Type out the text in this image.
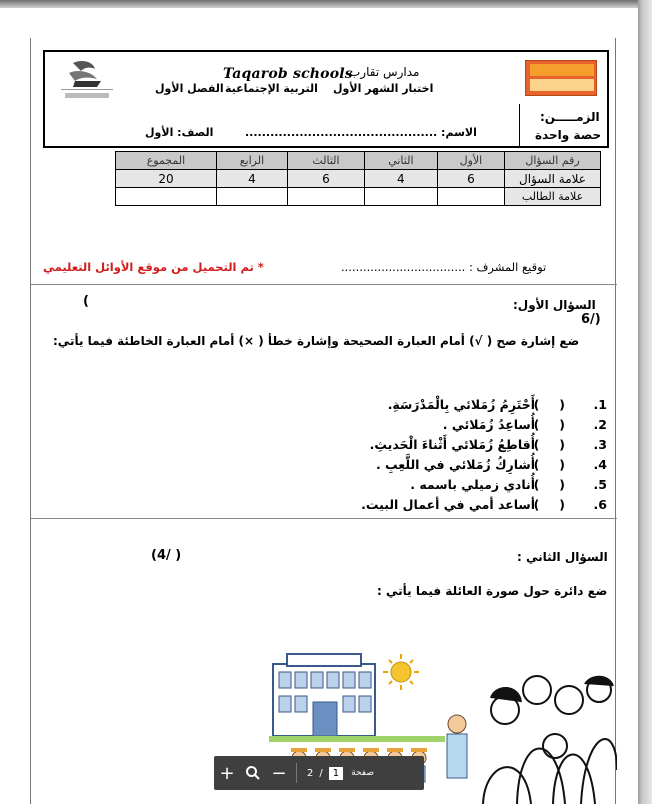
Taqarob schools
مدارس تقارب
اختبار الشهر الأول
التربية الإجتماعية
الفصل الأول
الزمـــــن:
حصة واحدة
الاسم: ..............................................
الصف: الأول
رقم السؤال	الأول	الثاني	الثالث	الرابع	المجموع
علامة السؤال	6	4	6	4	20
علامة الطالب					
توقيع المشرف : ..................................
* تم التحميل من موقع الأوائل التعليمي
السؤال الأول:
(
6/)
ضع إشارة صح ( √) أمام العبارة الصحيحة وإشارة خطأ ( ×) أمام العبارة الخاطئة فيما يأتي:
1.
()
أَحْتَرِمُ زُمَلائي بِالْمَدْرَسَةِ.
2.
()
أُساعِدُ زُمَلائي .
3.
()
أُقاطِعُ زُمَلائي أَثْناءَ الْحَديثِ.
4.
()
أُشارِكُ زُمَلائي في اللَّعِبِ .
5.
()
أُنادي زميلي باسمه .
6.
()
أساعد أمي في أعمال البيت.
السؤال الثاني :
(4/ )
ضع دائرة حول صورة العائلة فيما يأتي :
+ − 2 /	1	صفحة
